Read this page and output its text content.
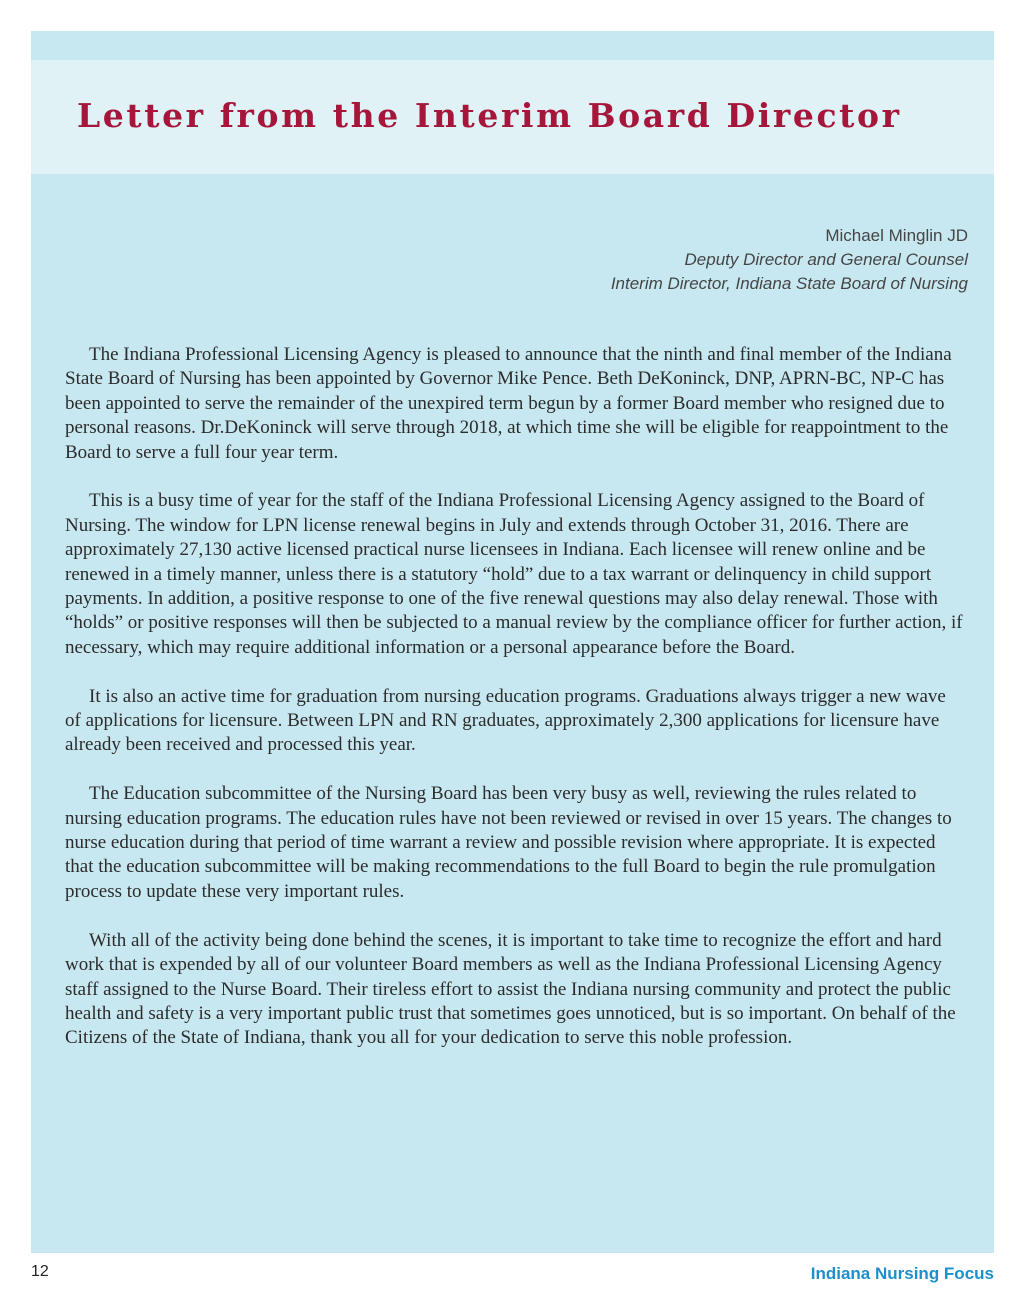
Letter from the Interim Board Director
Michael Minglin JD
Deputy Director and General Counsel
Interim Director, Indiana State Board of Nursing

The Indiana Professional Licensing Agency is pleased to announce that the ninth and final member of the Indiana State Board of Nursing has been appointed by Governor Mike Pence. Beth DeKoninck, DNP, APRN-BC, NP-C has been appointed to serve the remainder of the unexpired term begun by a former Board member who resigned due to personal reasons. Dr.DeKoninck will serve through 2018, at which time she will be eligible for reappointment to the Board to serve a full four year term.

This is a busy time of year for the staff of the Indiana Professional Licensing Agency assigned to the Board of Nursing. The window for LPN license renewal begins in July and extends through October 31, 2016. There are approximately 27,130 active licensed practical nurse licensees in Indiana. Each licensee will renew online and be renewed in a timely manner, unless there is a statutory “hold” due to a tax warrant or delinquency in child support payments. In addition, a positive response to one of the five renewal questions may also delay renewal. Those with “holds” or positive responses will then be subjected to a manual review by the compliance officer for further action, if necessary, which may require additional information or a personal appearance before the Board.

It is also an active time for graduation from nursing education programs. Graduations always trigger a new wave of applications for licensure. Between LPN and RN graduates, approximately 2,300 applications for licensure have already been received and processed this year.

The Education subcommittee of the Nursing Board has been very busy as well, reviewing the rules related to nursing education programs. The education rules have not been reviewed or revised in over 15 years. The changes to nurse education during that period of time warrant a review and possible revision where appropriate. It is expected that the education subcommittee will be making recommendations to the full Board to begin the rule promulgation process to update these very important rules.

With all of the activity being done behind the scenes, it is important to take time to recognize the effort and hard work that is expended by all of our volunteer Board members as well as the Indiana Professional Licensing Agency staff assigned to the Nurse Board. Their tireless effort to assist the Indiana nursing community and protect the public health and safety is a very important public trust that sometimes goes unnoticed, but is so important. On behalf of the Citizens of the State of Indiana, thank you all for your dedication to serve this noble profession.

12	Indiana Nursing Focus
